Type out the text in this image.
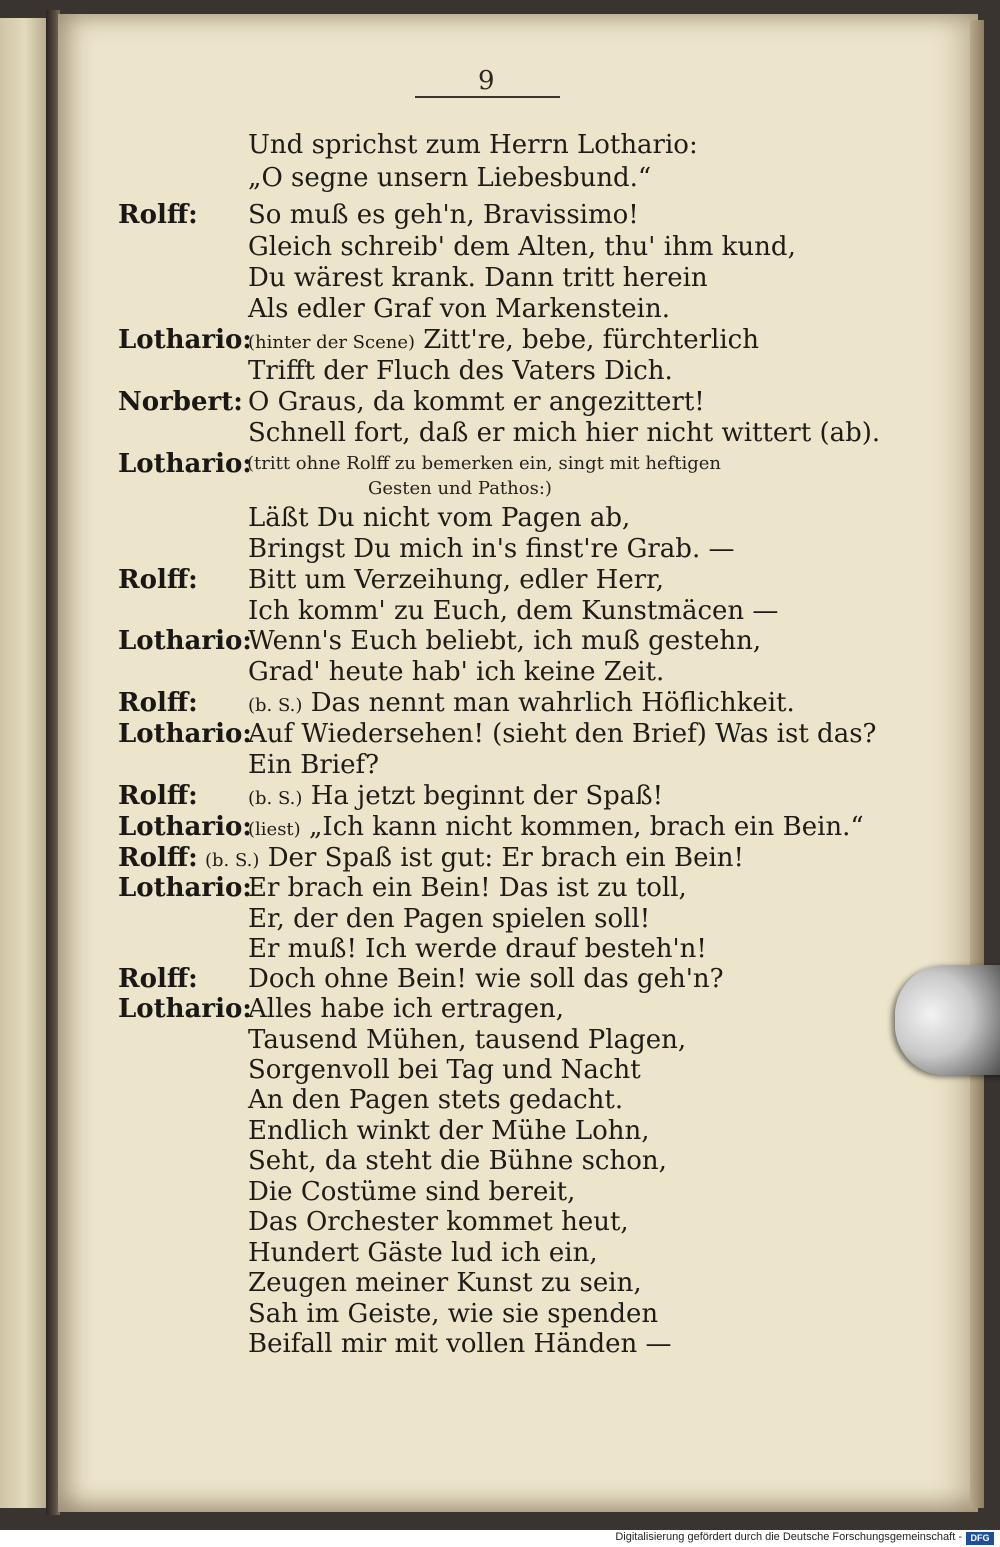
9
Und sprichst zum Herrn Lothario:
„O segne unsern Liebesbund.“
Rolff: So muß es geh'n, Bravissimo!
Gleich schreib' dem Alten, thu' ihm kund,
Du wärest krank. Dann tritt herein
Als edler Graf von Markenstein.
Lothario:
(hinter der Scene) Zitt're, bebe, fürchterlich
Trifft der Fluch des Vaters Dich.
Norbert: O Graus, da kommt er angezittert!
Schnell fort, daß er mich hier nicht wittert (ab).
Lothario:
(tritt ohne Rolff zu bemerken ein, singt mit heftigen
Gesten und Pathos:)
Läßt Du nicht vom Pagen ab,
Bringst Du mich in's finst're Grab. —
Rolff: Bitt um Verzeihung, edler Herr,
Ich komm' zu Euch, dem Kunstmäcen —
Lothario:
Wenn's Euch beliebt, ich muß gestehn,
Grad' heute hab' ich keine Zeit.
Rolff:	(b. S.) Das nennt man wahrlich Höflichkeit.
Lothario:
Auf Wiedersehen! (sieht den Brief) Was ist das?
Ein Brief?
Rolff:	(b. S.) Ha jetzt beginnt der Spaß!
Lothario:
(liest) „Ich kann nicht kommen, brach ein Bein.“
Rolff: (b. S.) Der Spaß ist gut: Er brach ein Bein!
Lothario:
Er brach ein Bein! Das ist zu toll,
Er, der den Pagen spielen soll!
Er muß! Ich werde drauf besteh'n!
Rolff: Doch ohne Bein! wie soll das geh'n?
Lothario:
Alles habe ich ertragen,
Tausend Mühen, tausend Plagen,
Sorgenvoll bei Tag und Nacht
An den Pagen stets gedacht.
Endlich winkt der Mühe Lohn,
Seht, da steht die Bühne schon,
Die Costüme sind bereit,
Das Orchester kommet heut,
Hundert Gäste lud ich ein,
Zeugen meiner Kunst zu sein,
Sah im Geiste, wie sie spenden
Beifall mir mit vollen Händen —
Digitalisierung gefördert durch die Deutsche Forschungsgemeinschaft - DFG
